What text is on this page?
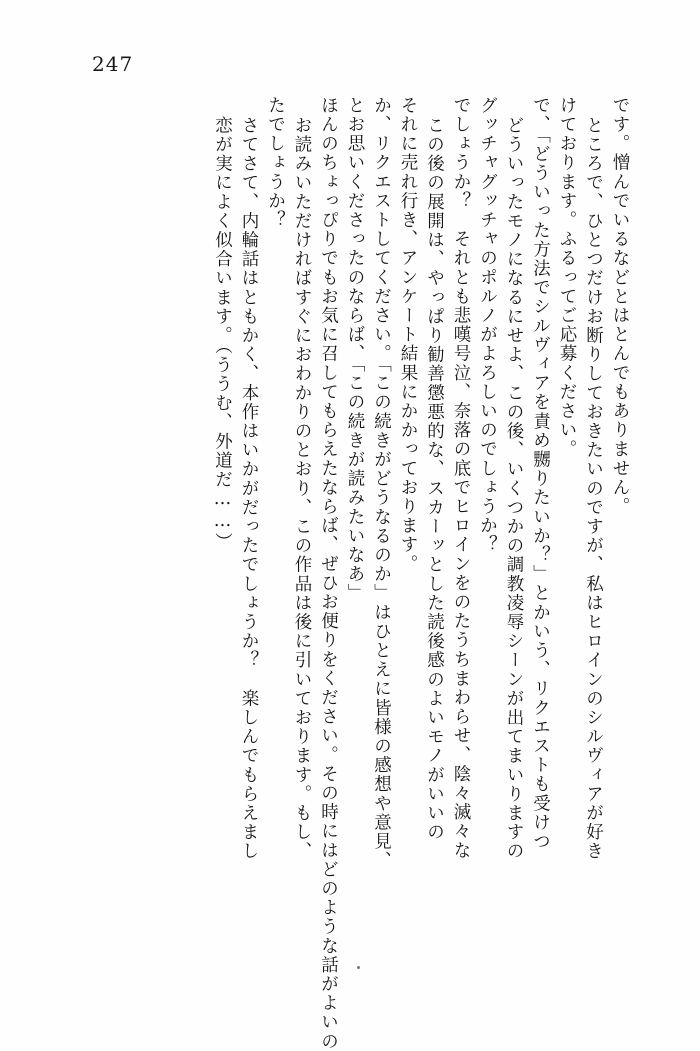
247
恋が実によく似合います。（ううむ、外道だ……） さてさて、内輪話はともかく、本作はいかがだったでしょうか？　楽しんでもらえまし たでしょうか？ お読みいただければすぐにおわかりのとおり、この作品は後に引いております。もし、 ほんのちょっぴりでもお気に召してもらえたならば、ぜひお便りをください。その時にはどのような話がよいの とお思いくださったのならば、「この続きが読みたいなあ」 か、リクエストしてください。「この続きがどうなるのか」はひとえに皆様の感想や意見、 それに売れ行き、アンケート結果にかかっております。 この後の展開は、やっぱり勧善懲悪的な、スカーッとした読後感のよいモノがいいの でしょうか？　それとも悲嘆号泣、奈落の底でヒロインをのたうちまわらせ、陰々滅々な グッチャグッチャのポルノがよろしいのでしょうか？ どういったモノになるにせよ、この後、いくつかの調教凌辱シーンが出てまいりますの で、「どういった方法でシルヴィアを責め嬲りたいか？」とかいう、リクエストも受けつ けております。ふるってご応募ください。 ところで、ひとつだけお断りしておきたいのですが、私はヒロインのシルヴィアが好き です。憎んでいるなどとはとんでもありません。
